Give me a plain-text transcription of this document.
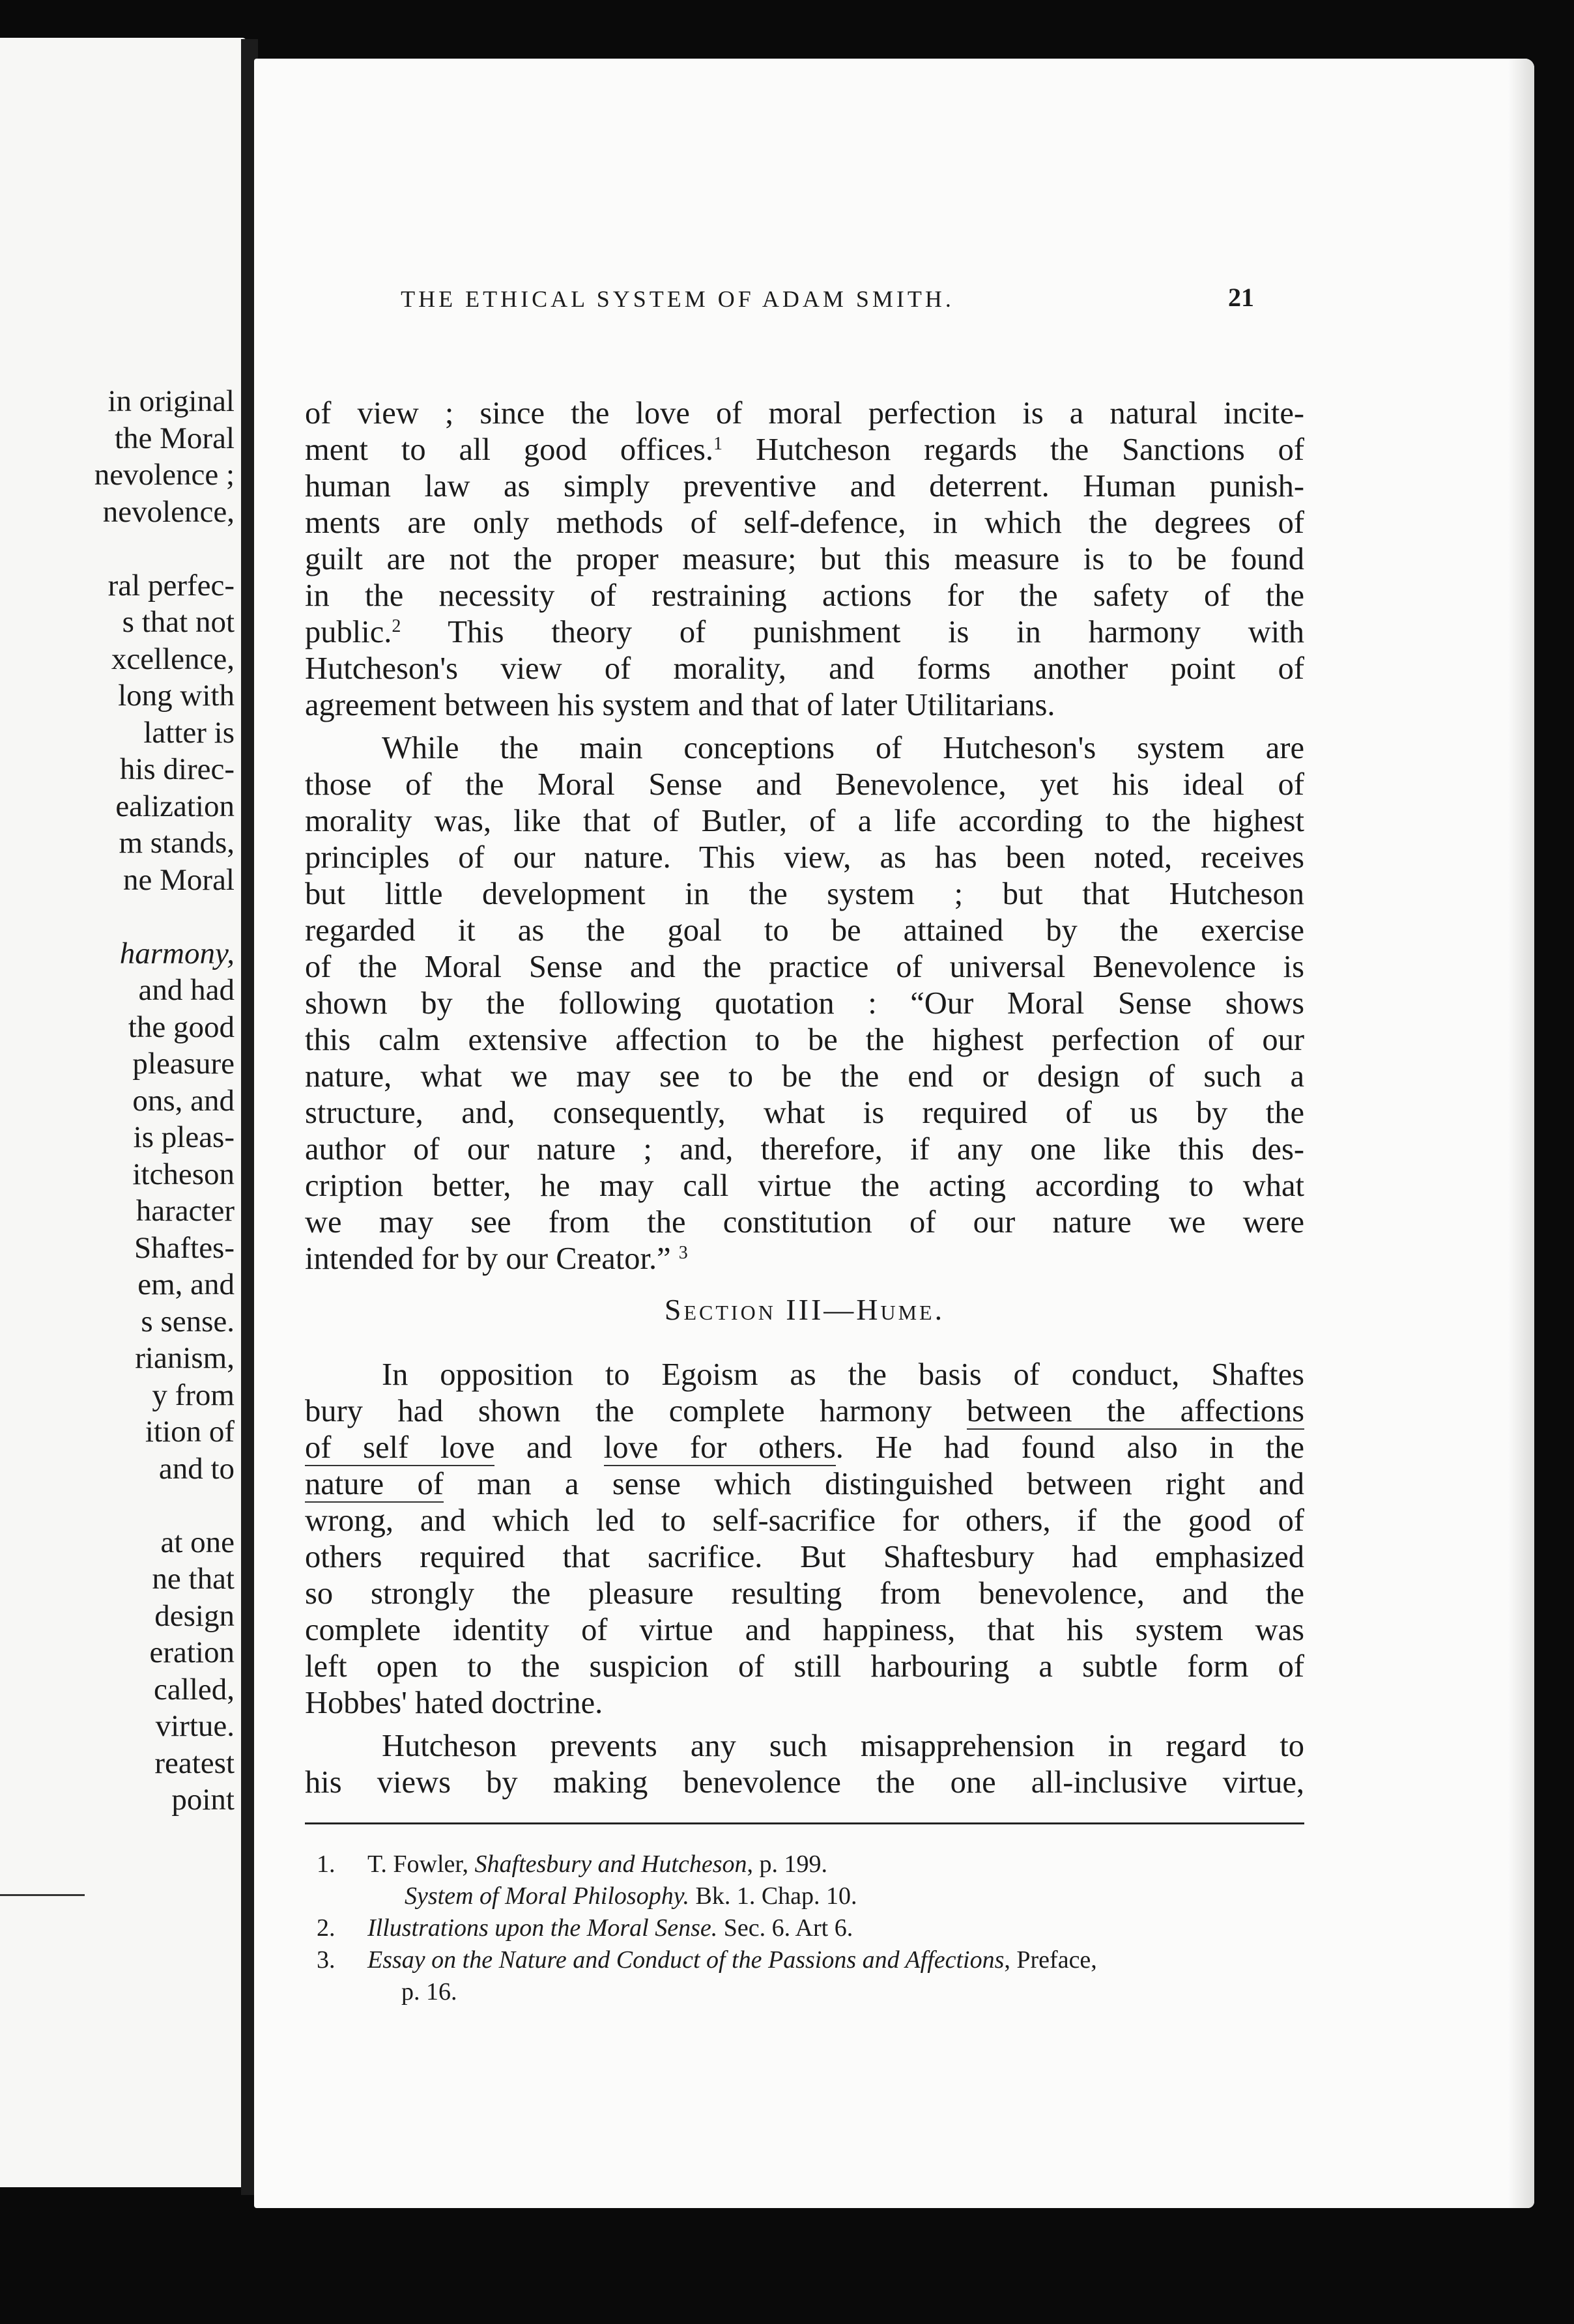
in original
the Moral
nevolence ;
nevolence,
ral perfec-
s that not
xcellence,
long with
latter is
his direc-
ealization
m stands,
ne Moral
harmony,
and had
the good
pleasure
ons, and
is pleas-
itcheson
haracter
Shaftes-
em, and
s sense.
rianism,
y from
ition of
and to
at one
ne that
design
eration
called,
virtue.
reatest
point
THE ETHICAL SYSTEM OF ADAM SMITH.	21
of view ; since the love of moral perfection is a natural incite-
ment to all good offices.$^1$ Hutcheson regards the Sanctions of
human law as simply preventive and deterrent. Human punish-
ments are only methods of self-defence, in which the degrees of
guilt are not the proper measure; but this measure is to be found
in the necessity of restraining actions for the safety of the
public.$^2$ This theory of punishment is in harmony with
Hutcheson's view of morality, and forms another point of
agreement between his system and that of later Utilitarians.
While the main conceptions of Hutcheson's system are
those of the Moral Sense and Benevolence, yet his ideal of
morality was, like that of Butler, of a life according to the highest
principles of our nature. This view, as has been noted, receives
but little development in the system ; but that Hutcheson
regarded it as the goal to be attained by the exercise
of the Moral Sense and the practice of universal Benevolence is
shown by the following quotation : “Our Moral Sense shows
this calm extensive affection to be the highest perfection of our
nature, what we may see to be the end or design of such a
structure, and, consequently, what is required of us by the
author of our nature ; and, therefore, if any one like this des-
cription better, he may call virtue the acting according to what
we may see from the constitution of our nature we were
intended for by our Creator.” $^3$
Section III—Hume.
In opposition to Egoism as the basis of conduct, Shaftes
bury had shown the complete harmony between the affections
of self love and love for others. He had found also in the
nature of man a sense which distinguished between right and
wrong, and which led to self-sacrifice for others, if the good of
others required that sacrifice. But Shaftesbury had emphasized
so strongly the pleasure resulting from benevolence, and the
complete identity of virtue and happiness, that his system was
left open to the suspicion of still harbouring a subtle form of
Hobbes' hated doctrine.
Hutcheson prevents any such misapprehension in regard to
his views by making benevolence the one all-inclusive virtue,
1.	T. Fowler, Shaftesbury and Hutcheson, p. 199.
System of Moral Philosophy. Bk. 1. Chap. 10.
2.	Illustrations upon the Moral Sense. Sec. 6. Art 6.
3.	Essay on the Nature and Conduct of the Passions and Affections, Preface,
p. 16.
